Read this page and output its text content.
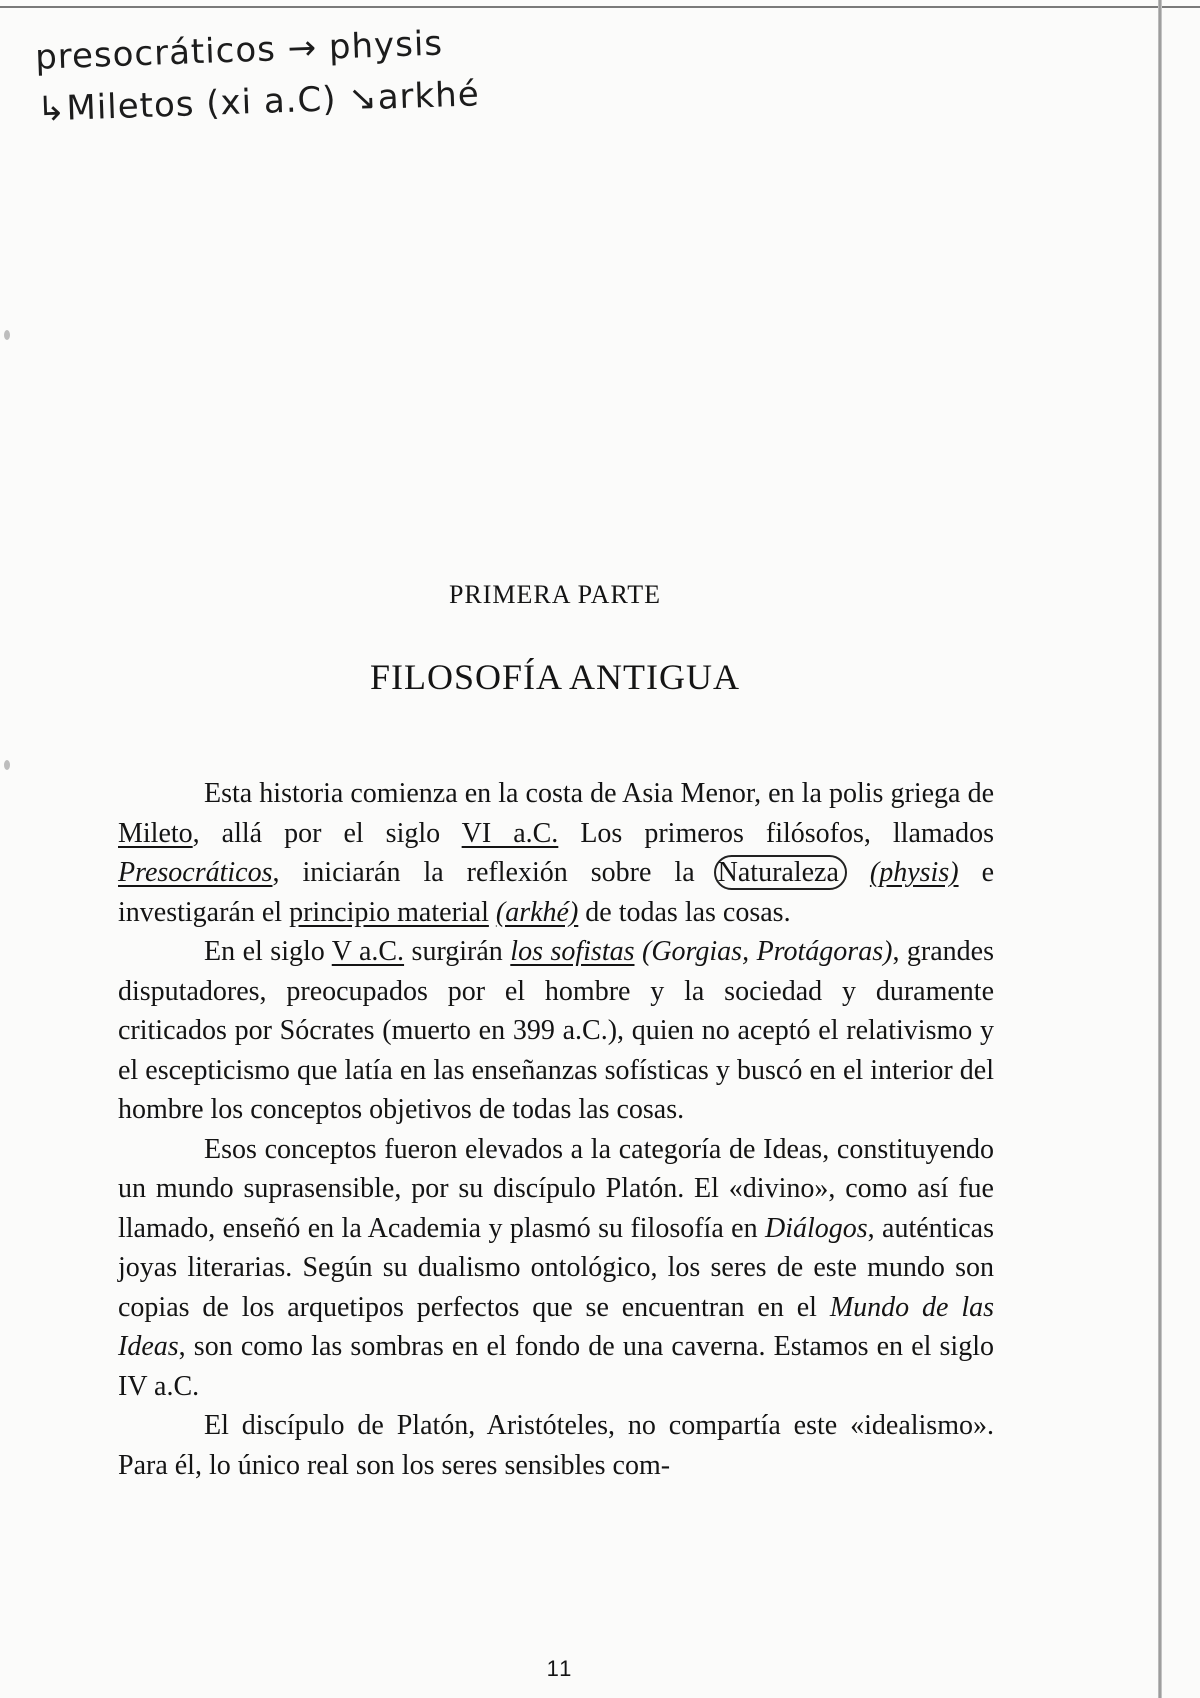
presocráticos → physis
↳Miletos (xi a.C) ↘arkhé
PRIMERA PARTE
FILOSOFÍA ANTIGUA

Esta historia comienza en la costa de Asia Menor, en la polis griega de Mileto, allá por el siglo VI a.C. Los primeros filósofos, llamados Presocráticos, iniciarán la reflexión sobre la Naturaleza (physis) e investigarán el principio material (arkhé) de todas las cosas.

En el siglo V a.C. surgirán los sofistas (Gorgias, Protágoras), grandes disputadores, preocupados por el hombre y la sociedad y duramente criticados por Sócrates (muerto en 399 a.C.), quien no aceptó el relativismo y el escepticismo que latía en las enseñanzas sofísticas y buscó en el interior del hombre los conceptos objetivos de todas las cosas.

Esos conceptos fueron elevados a la categoría de Ideas, constituyendo un mundo suprasensible, por su discípulo Platón. El «divino», como así fue llamado, enseñó en la Academia y plasmó su filosofía en Diálogos, auténticas joyas literarias. Según su dualismo ontológico, los seres de este mundo son copias de los arquetipos perfectos que se encuentran en el Mundo de las Ideas, son como las sombras en el fondo de una caverna. Estamos en el siglo IV a.C.

El discípulo de Platón, Aristóteles, no compartía este «idealismo». Para él, lo único real son los seres sensibles com-

11
